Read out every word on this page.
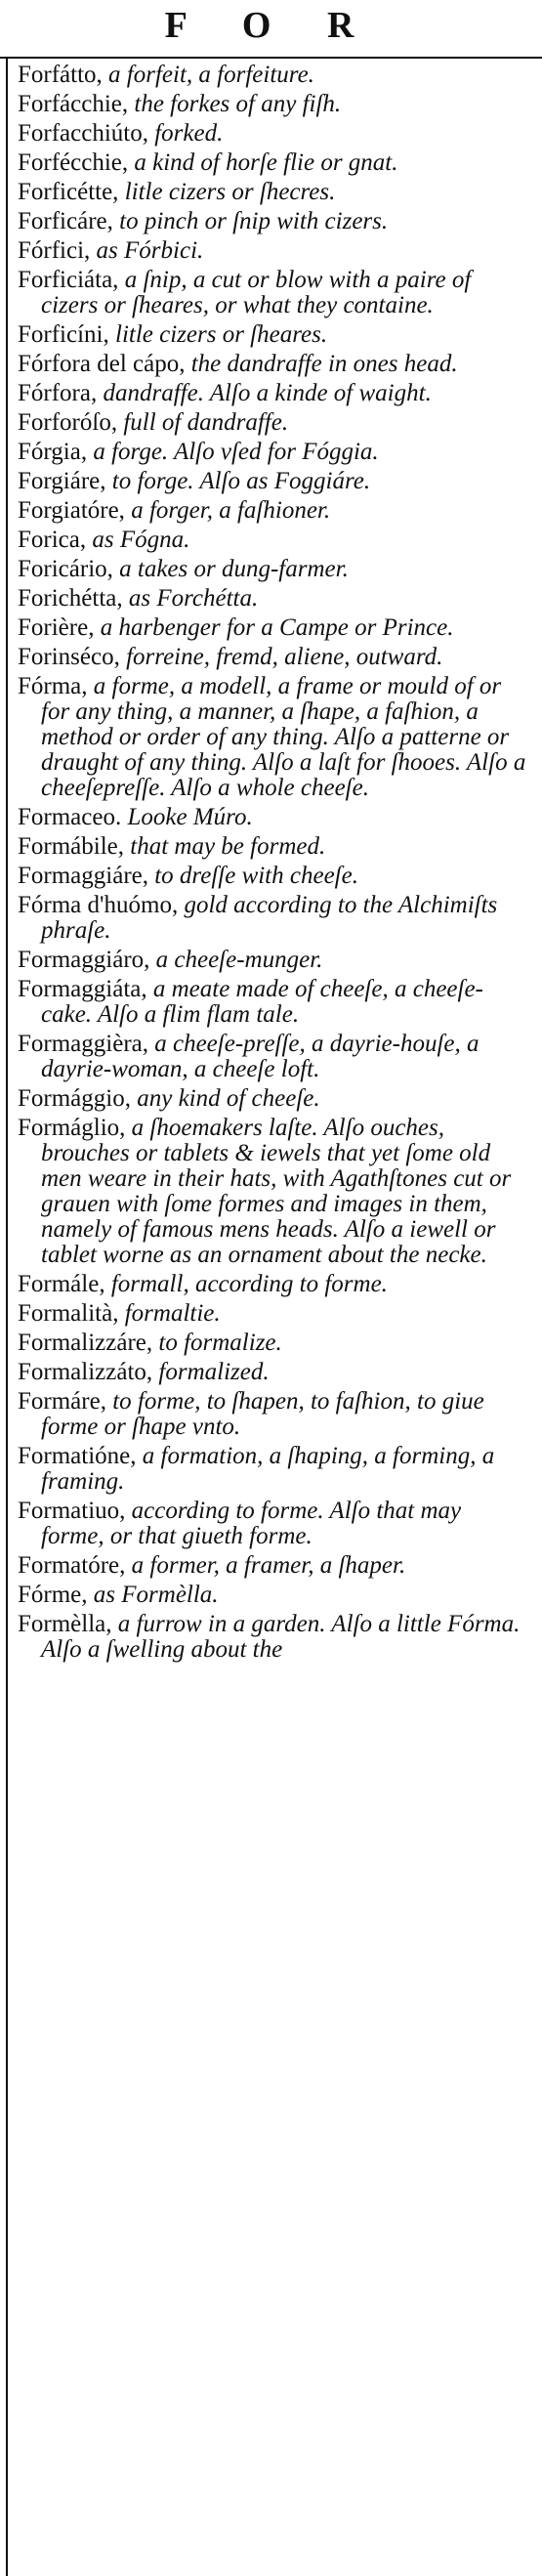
F O R
Forfátto, a forfeit, a forfeiture.
Forfácchie, the forkes of any fiſh.
Forfacchiúto, forked.
Forfécchie, a kind of horſe flie or gnat.
Forficétte, litle cizers or ſhecres.
Forficáre, to pinch or ſnip with cizers.
Fórfici, as Fórbici.
Forficiáta, a ſnip, a cut or blow with a paire of cizers or ſheares, or what they containe.
Forficíni, litle cizers or ſheares.
Fórfora del cápo, the dandraffe in ones head.
Fórfora, dandraffe. Alſo a kinde of waight.
Forforóſo, full of dandraffe.
Fórgia, a forge. Alſo vſed for Fóggia.
Forgiáre, to forge. Alſo as Foggiáre.
Forgiatóre, a forger, a faſhioner.
Forica, as Fógna.
Foricário, a takes or dung-farmer.
Forichétta, as Forchétta.
Forière, a harbenger for a Campe or Prince.
Forinséco, forreine, fremd, aliene, outward.
Fórma, a forme, a modell, a frame or mould of or for any thing, a manner, a ſhape, a faſhion, a method or order of any thing. Alſo a patterne or draught of any thing. Alſo a laſt for ſhooes. Alſo a cheeſepreſſe. Alſo a whole cheeſe.
Formaceo. Looke Múro.
Formábile, that may be formed.
Formaggiáre, to dreſſe with cheeſe.
Fórma d'huómo, gold according to the Alchimiſts phraſe.
Formaggiáro, a cheeſe-munger.
Formaggiáta, a meate made of cheeſe, a cheeſe-cake. Alſo a flim flam tale.
Formaggièra, a cheeſe-preſſe, a dayrie-houſe, a dayrie-woman, a cheeſe loft.
Formággio, any kind of cheeſe.
Formáglio, a ſhoemakers laſte. Alſo ouches, brouches or tablets & iewels that yet ſome old men weare in their hats, with Agathſtones cut or grauen with ſome formes and images in them, namely of famous mens heads. Alſo a iewell or tablet worne as an ornament about the necke.
Formále, formall, according to forme.
Formalità, formaltie.
Formalizzáre, to formalize.
Formalizzáto, formalized.
Formáre, to forme, to ſhapen, to faſhion, to giue forme or ſhape vnto.
Formatióne, a formation, a ſhaping, a forming, a framing.
Formatiuo, according to forme. Alſo that may forme, or that giueth forme.
Formatóre, a former, a framer, a ſhaper.
Fórme, as Formèlla.
Formèlla, a furrow in a garden. Alſo a little Fórma. Alſo a ſwelling about the
